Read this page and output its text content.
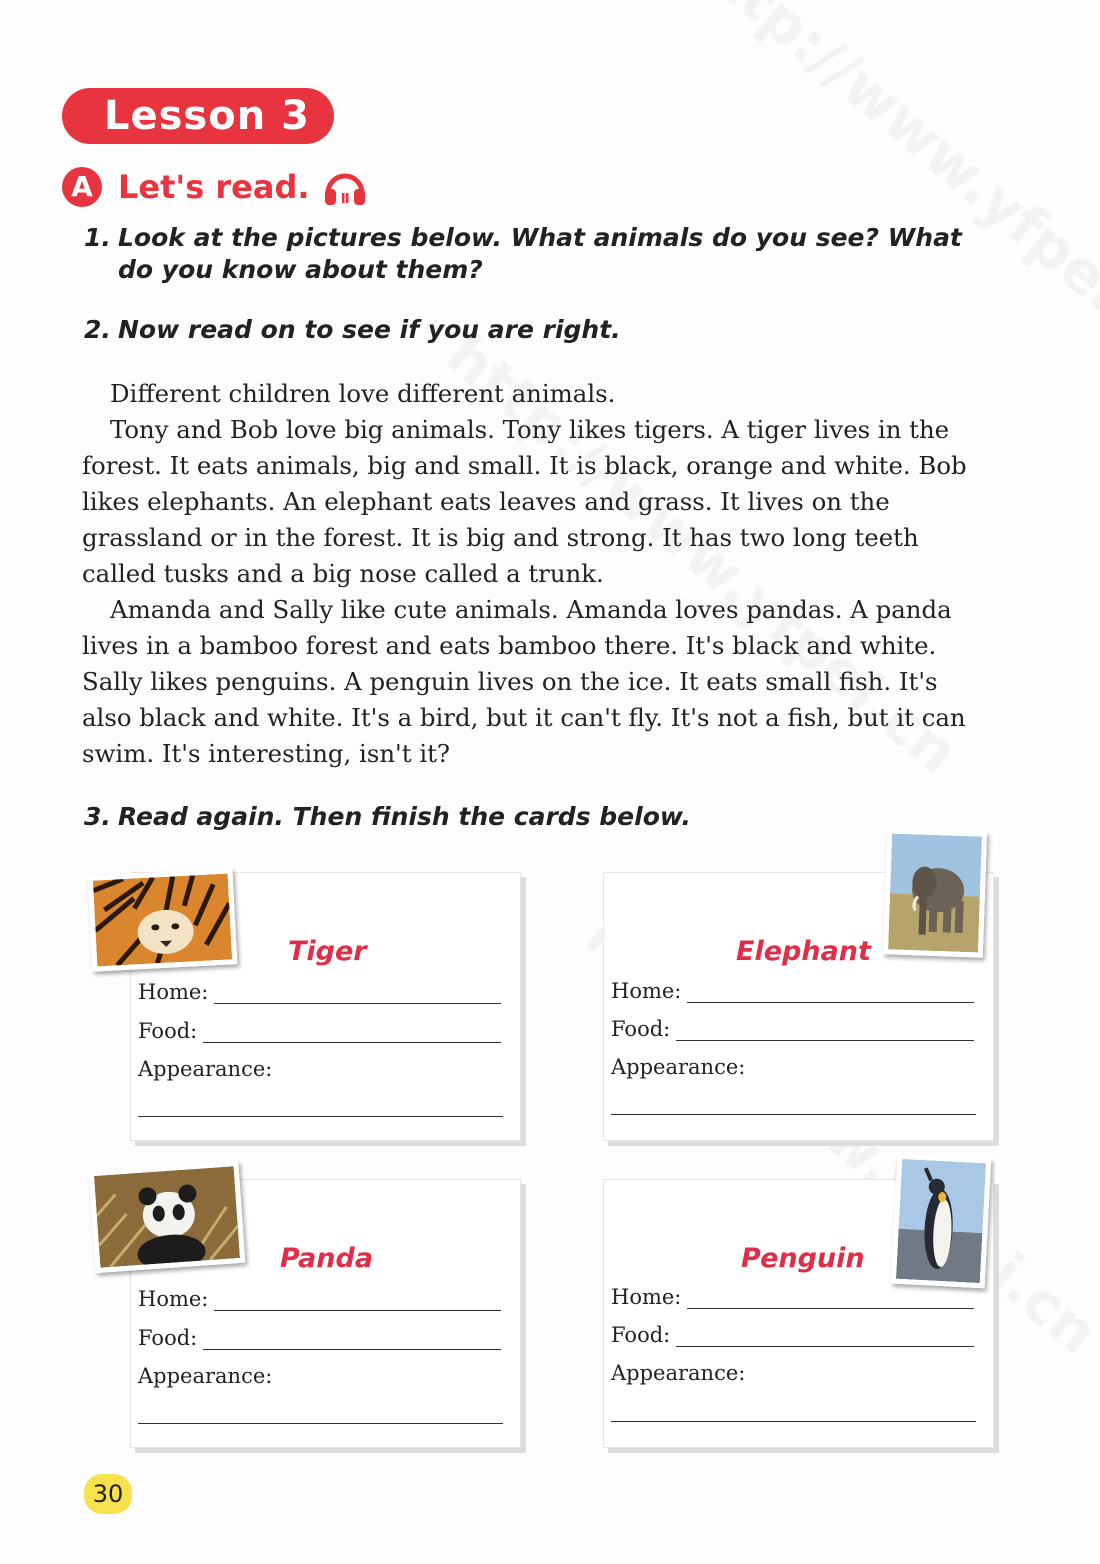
Lesson 3
A Let's read.
1. Look at the pictures below. What animals do you see? What do you know about them?
2. Now read on to see if you are right.

Different children love different animals.

Tony and Bob love big animals. Tony likes tigers. A tiger lives in the forest. It eats animals, big and small. It is black, orange and white. Bob likes elephants. An elephant eats leaves and grass. It lives on the grassland or in the forest. It is big and strong. It has two long teeth called tusks and a big nose called a trunk.

Amanda and Sally like cute animals. Amanda loves pandas. A panda lives in a bamboo forest and eats bamboo there. It's black and white. Sally likes penguins. A penguin lives on the ice. It eats small fish. It's also black and white. It's a bird, but it can't fly. It's not a fish, but it can swim. It's interesting, isn't it?

3. Read again. Then finish the cards below.
Tiger
Home:
Food:
Appearance:
Elephant
Home:
Food:
Appearance:
Panda
Home:
Food:
Appearance:
Penguin
Home:
Food:
Appearance:
30
